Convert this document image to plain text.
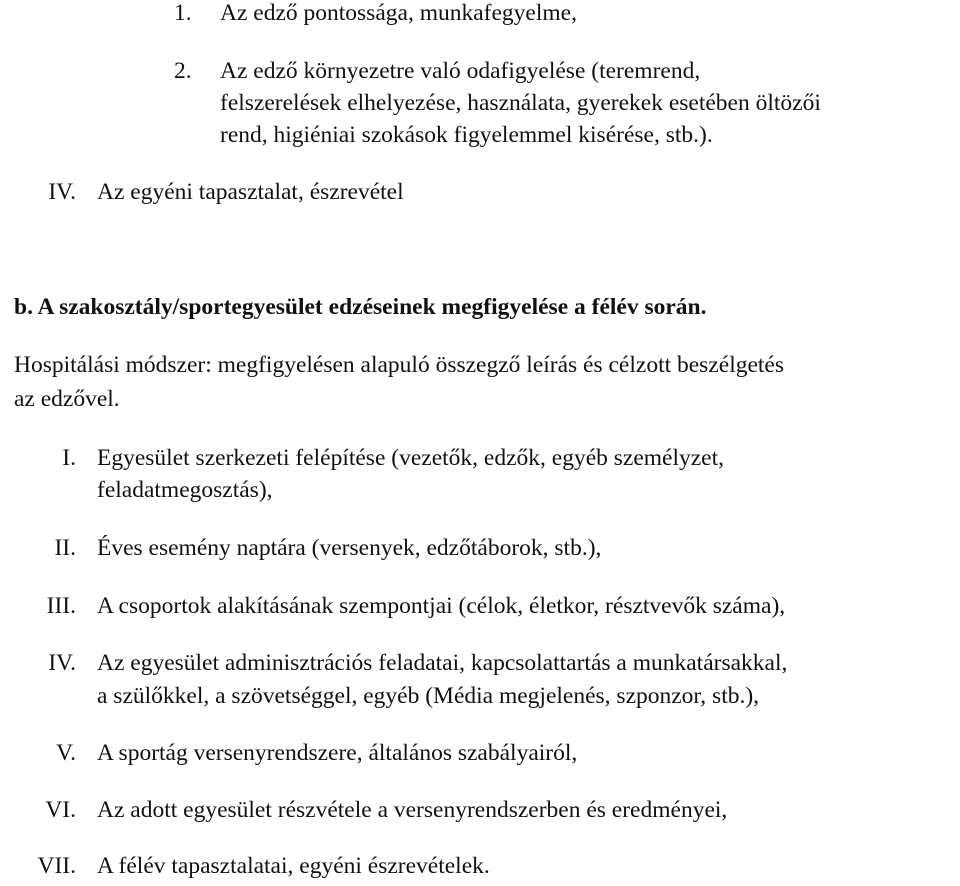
1. Az edző pontossága, munkafegyelme,
2. Az edző környezetre való odafigyelése (teremrend,
felszerelések elhelyezése, használata, gyerekek esetében öltözői
rend, higiéniai szokások figyelemmel kisérése, stb.).
IV. Az egyéni tapasztalat, észrevétel
b. A szakosztály/sportegyesület edzéseinek megfigyelése a félév során.
Hospitálási módszer: megfigyelésen alapuló összegző leírás és célzott beszélgetés
az edzővel.
I. Egyesület szerkezeti felépítése (vezetők, edzők, egyéb személyzet,
feladatmegosztás),
II. Éves esemény naptára (versenyek, edzőtáborok, stb.),
III. A csoportok alakításának szempontjai (célok, életkor, résztvevők száma),
IV. Az egyesület adminisztrációs feladatai, kapcsolattartás a munkatársakkal,
a szülőkkel, a szövetséggel, egyéb (Média megjelenés, szponzor, stb.),
V. A sportág versenyrendszere, általános szabályairól,
VI. Az adott egyesület részvétele a versenyrendszerben és eredményei,
VII. A félév tapasztalatai, egyéni észrevételek.
